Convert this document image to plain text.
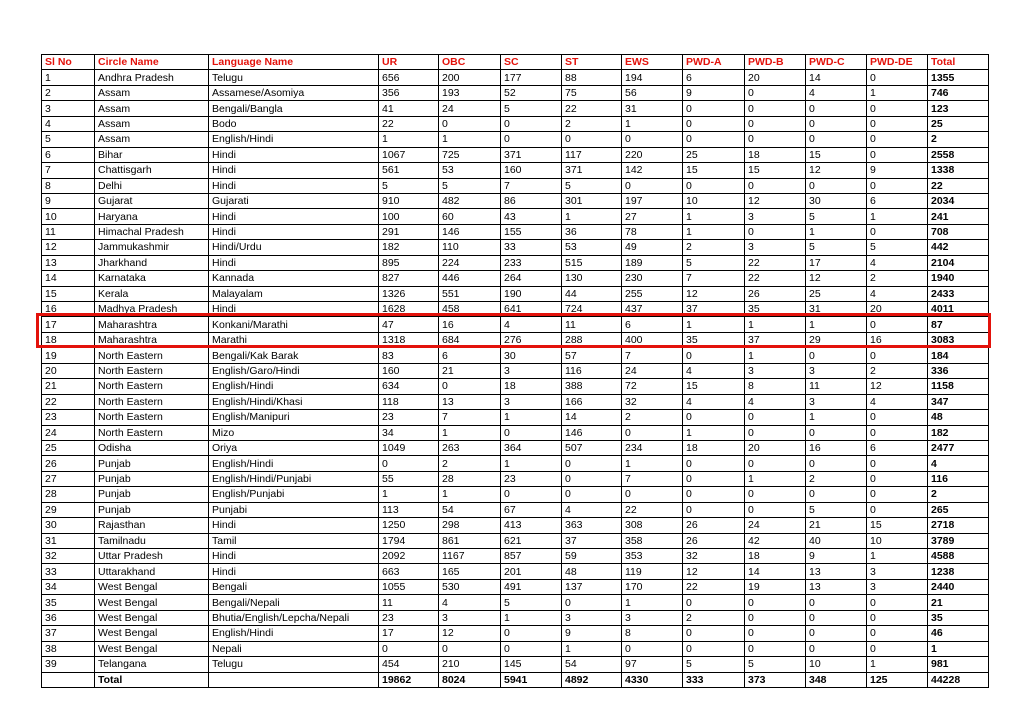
Sl No	Circle Name	Language Name	UR	OBC	SC	ST	EWS	PWD-A	PWD-B	PWD-C	PWD-DE	Total
1	Andhra Pradesh	Telugu	656	200	177	88	194	6	20	14	0	1355
2	Assam	Assamese/Asomiya	356	193	52	75	56	9	0	4	1	746
3	Assam	Bengali/Bangla	41	24	5	22	31	0	0	0	0	123
4	Assam	Bodo	22	0	0	2	1	0	0	0	0	25
5	Assam	English/Hindi	1	1	0	0	0	0	0	0	0	2
6	Bihar	Hindi	1067	725	371	117	220	25	18	15	0	2558
7	Chattisgarh	Hindi	561	53	160	371	142	15	15	12	9	1338
8	Delhi	Hindi	5	5	7	5	0	0	0	0	0	22
9	Gujarat	Gujarati	910	482	86	301	197	10	12	30	6	2034
10	Haryana	Hindi	100	60	43	1	27	1	3	5	1	241
11	Himachal Pradesh	Hindi	291	146	155	36	78	1	0	1	0	708
12	Jammukashmir	Hindi/Urdu	182	110	33	53	49	2	3	5	5	442
13	Jharkhand	Hindi	895	224	233	515	189	5	22	17	4	2104
14	Karnataka	Kannada	827	446	264	130	230	7	22	12	2	1940
15	Kerala	Malayalam	1326	551	190	44	255	12	26	25	4	2433
16	Madhya Pradesh	Hindi	1628	458	641	724	437	37	35	31	20	4011
17	Maharashtra	Konkani/Marathi	47	16	4	11	6	1	1	1	0	87
18	Maharashtra	Marathi	1318	684	276	288	400	35	37	29	16	3083
19	North Eastern	Bengali/Kak Barak	83	6	30	57	7	0	1	0	0	184
20	North Eastern	English/Garo/Hindi	160	21	3	116	24	4	3	3	2	336
21	North Eastern	English/Hindi	634	0	18	388	72	15	8	11	12	1158
22	North Eastern	English/Hindi/Khasi	118	13	3	166	32	4	4	3	4	347
23	North Eastern	English/Manipuri	23	7	1	14	2	0	0	1	0	48
24	North Eastern	Mizo	34	1	0	146	0	1	0	0	0	182
25	Odisha	Oriya	1049	263	364	507	234	18	20	16	6	2477
26	Punjab	English/Hindi	0	2	1	0	1	0	0	0	0	4
27	Punjab	English/Hindi/Punjabi	55	28	23	0	7	0	1	2	0	116
28	Punjab	English/Punjabi	1	1	0	0	0	0	0	0	0	2
29	Punjab	Punjabi	113	54	67	4	22	0	0	5	0	265
30	Rajasthan	Hindi	1250	298	413	363	308	26	24	21	15	2718
31	Tamilnadu	Tamil	1794	861	621	37	358	26	42	40	10	3789
32	Uttar Pradesh	Hindi	2092	1167	857	59	353	32	18	9	1	4588
33	Uttarakhand	Hindi	663	165	201	48	119	12	14	13	3	1238
34	West Bengal	Bengali	1055	530	491	137	170	22	19	13	3	2440
35	West Bengal	Bengali/Nepali	11	4	5	0	1	0	0	0	0	21
36	West Bengal	Bhutia/English/Lepcha/Nepali	23	3	1	3	3	2	0	0	0	35
37	West Bengal	English/Hindi	17	12	0	9	8	0	0	0	0	46
38	West Bengal	Nepali	0	0	0	1	0	0	0	0	0	1
39	Telangana	Telugu	454	210	145	54	97	5	5	10	1	981
	Total		19862	8024	5941	4892	4330	333	373	348	125	44228
